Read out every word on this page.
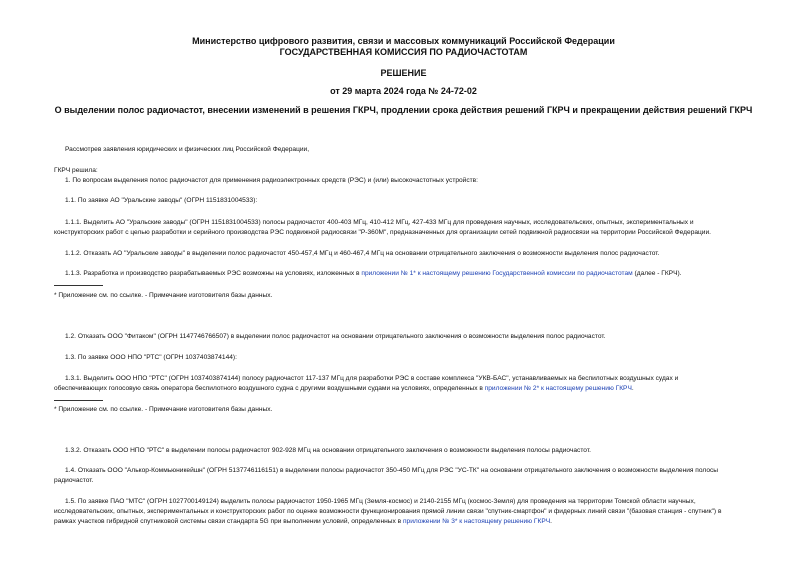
Министерство цифрового развития, связи и массовых коммуникаций Российской Федерации
ГОСУДАРСТВЕННАЯ КОМИССИЯ ПО РАДИОЧАСТОТАМ
РЕШЕНИЕ
от 29 марта 2024 года № 24-72-02
О выделении полос радиочастот, внесении изменений в решения ГКРЧ, продлении срока действия решений ГКРЧ и прекращении действия решений ГКРЧ
Рассмотрев заявления юридических и физических лиц Российской Федерации,
ГКРЧ решила:
1. По вопросам выделения полос радиочастот для применения радиоэлектронных средств (РЭС) и (или) высокочастотных устройств:
1.1. По заявке АО "Уральские заводы" (ОГРН 1151831004533):
1.1.1. Выделить АО "Уральские заводы" (ОГРН 1151831004533) полосы радиочастот 400-403 МГц, 410-412 МГц, 427-433 МГц для проведения научных, исследовательских, опытных, экспериментальных и
конструкторских работ с целью разработки и серийного производства РЭС подвижной радиосвязи "Р-360М", предназначенных для организации сетей подвижной радиосвязи на территории Российской Федерации.
1.1.2. Отказать АО "Уральские заводы" в выделении полос радиочастот 450-457,4 МГц и 460-467,4 МГц на основании отрицательного заключения о возможности выделения полос радиочастот.
1.1.3. Разработка и производство разрабатываемых РЭС возможны на условиях, изложенных в приложении № 1* к настоящему решению Государственной комиссии по радиочастотам (далее - ГКРЧ).
* Приложение см. по ссылке. - Примечание изготовителя базы данных.
1.2. Отказать ООО "Фитаком" (ОГРН 1147746766507) в выделении полос радиочастот на основании отрицательного заключения о возможности выделения полос радиочастот.
1.3. По заявке ООО НПО "РТС" (ОГРН 1037403874144):
1.3.1. Выделить ООО НПО "РТС" (ОГРН 1037403874144) полосу радиочастот 117-137 МГц для разработки РЭС в составе комплекса "УКВ-БАС", устанавливаемых на беспилотных воздушных судах и
обеспечивающих голосовую связь оператора беспилотного воздушного судна с другими воздушными судами на условиях, определенных в приложении № 2* к настоящему решению ГКРЧ.
* Приложение см. по ссылке. - Примечание изготовителя базы данных.
1.3.2. Отказать ООО НПО "РТС" в выделении полосы радиочастот 902-928 МГц на основании отрицательного заключения о возможности выделения полосы радиочастот.
1.4. Отказать ООО "Алькор-Коммьюникейшн" (ОГРН 5137746116151) в выделении полосы радиочастот 350-450 МГц для РЭС "УС-ТК" на основании отрицательного заключения о возможности выделения полосы
радиочастот.
1.5. По заявке ПАО "МТС" (ОГРН 1027700149124) выделить полосы радиочастот 1950-1965 МГц (Земля-космос) и 2140-2155 МГц (космос-Земля) для проведения на территории Томской области научных,
исследовательских, опытных, экспериментальных и конструкторских работ по оценке возможности функционирования прямой линии связи "спутник-смартфон" и фидерных линий связи "(базовая станция - спутник") в
рамках участков гибридной спутниковой системы связи стандарта 5G при выполнении условий, определенных в приложении № 3* к настоящему решению ГКРЧ.
